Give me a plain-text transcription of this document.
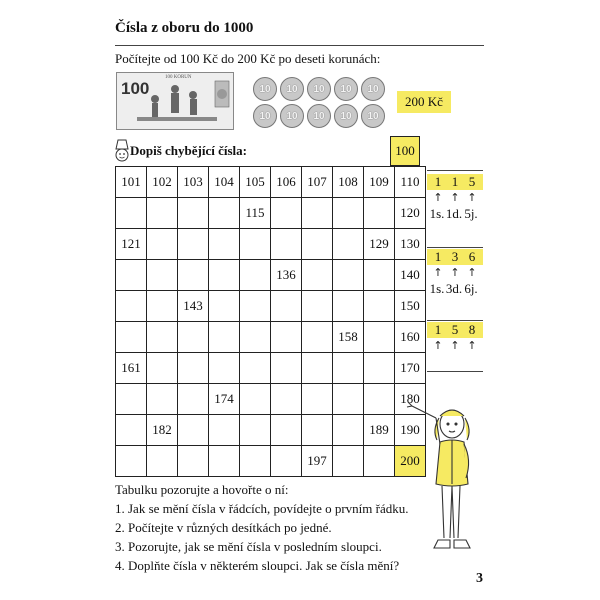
Čísla z oboru do 1000
Počítejte od 100 Kč do 200 Kč po deseti korunách:
100
100 KORUN
10	10	10	10	10
10	10	10	10	10
200 Kč
Dopiš chybějící čísla:	100
101	102	103	104	105	106	107	108	109	110
				115					120
121								129	130
					136				140
		143							150
							158		160
161									170
			174						180
	182							189	190
						197			200
1 1 5
↑ ↑ ↑
1s. 1d. 5j.
1 3 6
↑ ↑ ↑
1s. 3d. 6j.
1 5 8
↑ ↑ ↑
Tabulku pozorujte a hovořte o ní:
1. Jak se mění čísla v řádcích, povídejte o prvním řádku.
2. Počítejte v různých desítkách po jedné.
3. Pozorujte, jak se mění čísla v posledním sloupci.
4. Doplňte čísla v některém sloupci. Jak se čísla mění?
3
